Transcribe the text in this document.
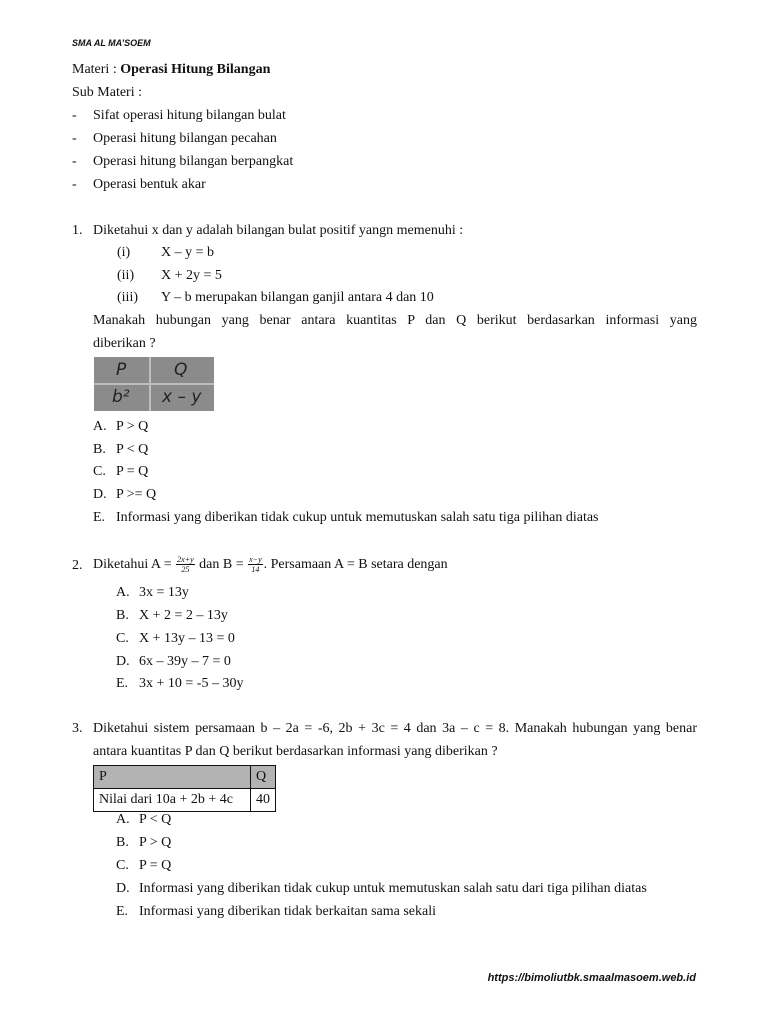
SMA AL MA’SOEM
Materi : Operasi Hitung Bilangan
Sub Materi :
- Sifat operasi hitung bilangan bulat
- Operasi hitung bilangan pecahan
- Operasi hitung bilangan berpangkat
- Operasi bentuk akar
1. Diketahui x dan y adalah bilangan bulat positif yangn memenuhi :
(i) X – y = b
(ii) X + 2y = 5
(iii) Y – b merupakan bilangan ganjil antara 4 dan 10
Manakah hubungan yang benar antara kuantitas P dan Q berikut berdasarkan informasi yang
diberikan ?
P	Q
b² x – y
A. P > Q
B. P < Q
C. P = Q
D. P >= Q
E. Informasi yang diberikan tidak cukup untuk memutuskan salah satu tiga pilihan diatas
2. Diketahui $A = \frac{2x+y}{25}$ dan $B = \frac{x-y}{14}$ . Persamaan A = B setara dengan
A. 3x = 13y
B. X + 2 = 2 – 13y
C. X + 13y – 13 = 0
D. 6x – 39y – 7 = 0
E. 3x + 10 = -5 – 30y
3. Diketahui sistem persamaan b – 2a = -6, 2b + 3c = 4 dan 3a – c = 8. Manakah hubungan yang benar
antara kuantitas P dan Q berikut berdasarkan informasi yang diberikan ?
P	Q
Nilai dari 10a + 2b + 4c	40
A. P < Q
B. P > Q
C. P = Q
D. Informasi yang diberikan tidak cukup untuk memutuskan salah satu dari tiga pilihan diatas
E. Informasi yang diberikan tidak berkaitan sama sekali
https://bimoliutbk.smaalmasoem.web.id
